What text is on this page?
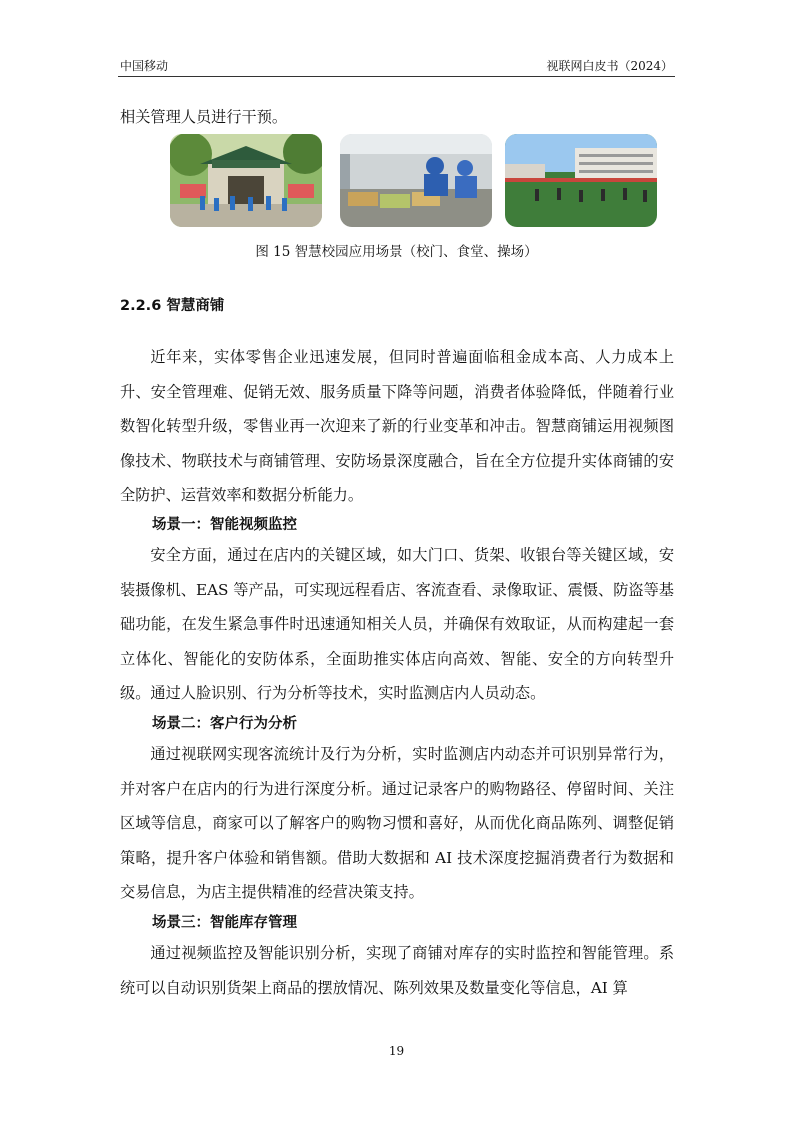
中国移动	视联网白皮书（2024）

相关管理人员进行干预。

图 15 智慧校园应用场景（校门、食堂、操场）
2.2.6 智慧商铺

近年来，实体零售企业迅速发展，但同时普遍面临租金成本高、人力成本上升、安全管理难、促销无效、服务质量下降等问题，消费者体验降低，伴随着行业数智化转型升级，零售业再一次迎来了新的行业变革和冲击。智慧商铺运用视频图像技术、物联技术与商铺管理、安防场景深度融合，旨在全方位提升实体商铺的安全防护、运营效率和数据分析能力。

场景一：智能视频监控

安全方面，通过在店内的关键区域，如大门口、货架、收银台等关键区域，安装摄像机、EAS 等产品，可实现远程看店、客流查看、录像取证、震慑、防盗等基础功能，在发生紧急事件时迅速通知相关人员，并确保有效取证，从而构建起一套立体化、智能化的安防体系，全面助推实体店向高效、智能、安全的方向转型升级。通过人脸识别、行为分析等技术，实时监测店内人员动态。

场景二：客户行为分析

通过视联网实现客流统计及行为分析，实时监测店内动态并可识别异常行为，并对客户在店内的行为进行深度分析。通过记录客户的购物路径、停留时间、关注区域等信息，商家可以了解客户的购物习惯和喜好，从而优化商品陈列、调整促销策略，提升客户体验和销售额。借助大数据和 AI 技术深度挖掘消费者行为数据和交易信息，为店主提供精准的经营决策支持。

场景三：智能库存管理

通过视频监控及智能识别分析，实现了商铺对库存的实时监控和智能管理。系统可以自动识别货架上商品的摆放情况、陈列效果及数量变化等信息，AI 算

19
